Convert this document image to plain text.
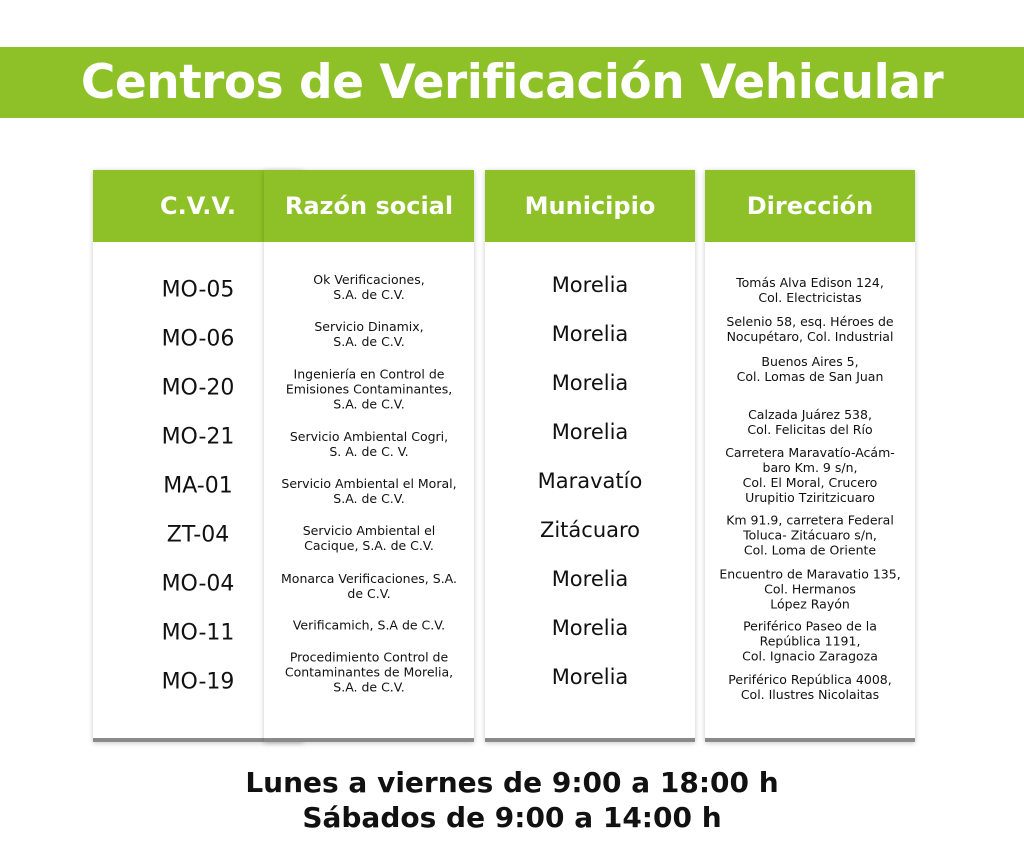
Centros de Verificación Vehicular
C.V.V.
MO-05
MO-06
MO-20
MO-21
MA-01
ZT-04
MO-04
MO-11
MO-19
Razón social
Ok Verificaciones,
S.A. de C.V.
Servicio Dinamix,
S.A. de C.V.
Ingeniería en Control de
Emisiones Contaminantes,
S.A. de C.V.
Servicio Ambiental Cogri,
S. A. de C. V.
Servicio Ambiental el Moral,
S.A. de C.V.
Servicio Ambiental el
Cacique, S.A. de C.V.
Monarca Verificaciones, S.A.
de C.V.
Verificamich, S.A de C.V.
Procedimiento Control de
Contaminantes de Morelia,
S.A. de C.V.
Municipio
Morelia
Morelia
Morelia
Morelia
Maravatío
Zitácuaro
Morelia
Morelia
Morelia
Dirección
Tomás Alva Edison 124,
Col. Electricistas
Selenio 58, esq. Héroes de
Nocupétaro, Col. Industrial
Buenos Aires 5,
Col. Lomas de San Juan
Calzada Juárez 538,
Col. Felicitas del Río
Carretera Maravatío-Acám-
baro Km. 9 s/n,
Col. El Moral, Crucero
Urupitio Tziritzicuaro
Km 91.9, carretera Federal
Toluca- Zitácuaro s/n,
Col. Loma de Oriente
Encuentro de Maravatio 135,
Col. Hermanos
López Rayón
Periférico Paseo de la
República 1191,
Col. Ignacio Zaragoza
Periférico República 4008,
Col. Ilustres Nicolaitas
Lunes a viernes de 9:00 a 18:00 h
Sábados de 9:00 a 14:00 h
